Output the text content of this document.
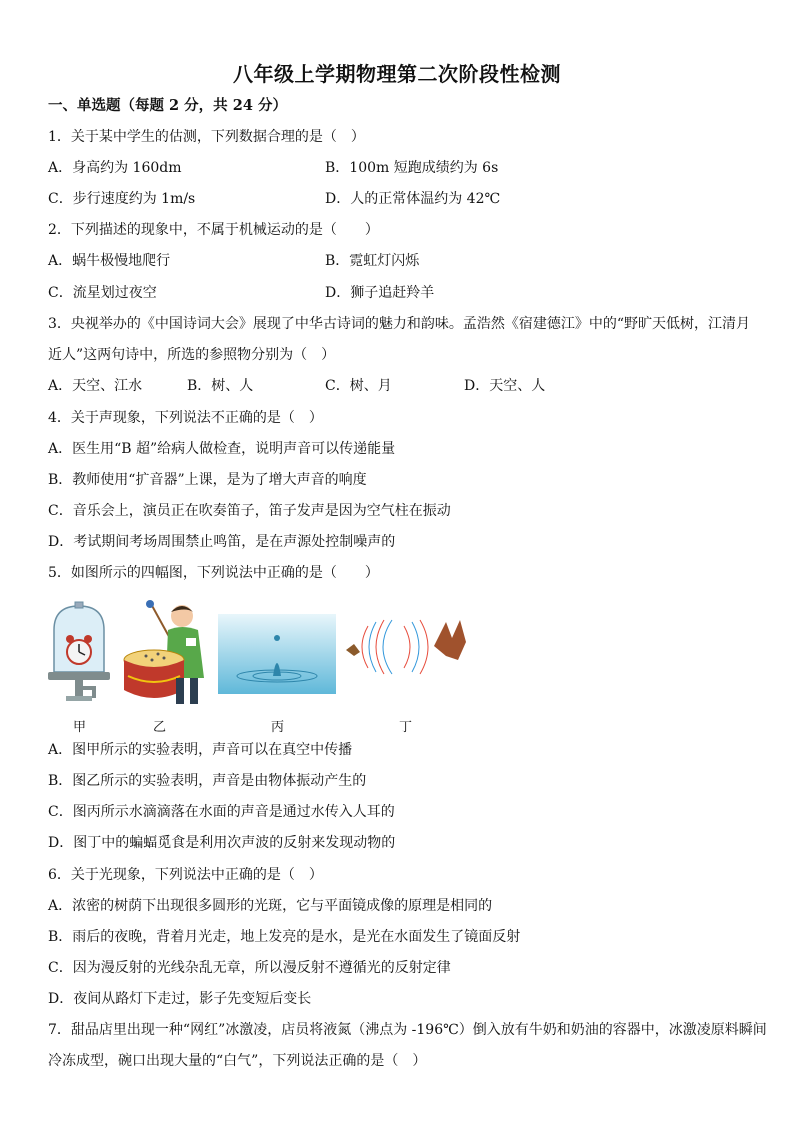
八年级上学期物理第二次阶段性检测
一、单选题（每题 2 分，共 24 分）
1．关于某中学生的估测，下列数据合理的是（　）
A．身高约为 160dm	B．100m 短跑成绩约为 6s
C．步行速度约为 1m/s	D．人的正常体温约为 42℃
2．下列描述的现象中，不属于机械运动的是（　　）
A．蜗牛极慢地爬行	B．霓虹灯闪烁
C．流星划过夜空	D．狮子追赶羚羊
3．央视举办的《中国诗词大会》展现了中华古诗词的魅力和韵味。孟浩然《宿建德江》中的“野旷天低树，江清月
近人”这两句诗中，所选的参照物分别为（　）
A．天空、江水	B．树、人	C．树、月	D．天空、人
4．关于声现象，下列说法不正确的是（　）
A．医生用“B 超”给病人做检查，说明声音可以传递能量
B．教师使用“扩音器”上课，是为了增大声音的响度
C．音乐会上，演员正在吹奏笛子，笛子发声是因为空气柱在振动
D．考试期间考场周围禁止鸣笛，是在声源处控制噪声的
5．如图所示的四幅图，下列说法中正确的是（　　）
甲	乙	丙	丁
A．图甲所示的实验表明，声音可以在真空中传播
B．图乙所示的实验表明，声音是由物体振动产生的
C．图丙所示水滴滴落在水面的声音是通过水传入人耳的
D．图丁中的蝙蝠觅食是利用次声波的反射来发现动物的
6．关于光现象，下列说法中正确的是（　）
A．浓密的树荫下出现很多圆形的光斑，它与平面镜成像的原理是相同的
B．雨后的夜晚，背着月光走，地上发亮的是水，是光在水面发生了镜面反射
C．因为漫反射的光线杂乱无章，所以漫反射不遵循光的反射定律
D．夜间从路灯下走过，影子先变短后变长
7．甜品店里出现一种“网红”冰激凌，店员将液氮（沸点为 -196℃）倒入放有牛奶和奶油的容器中，冰激凌原料瞬间
冷冻成型，碗口出现大量的“白气”，下列说法正确的是（　）
